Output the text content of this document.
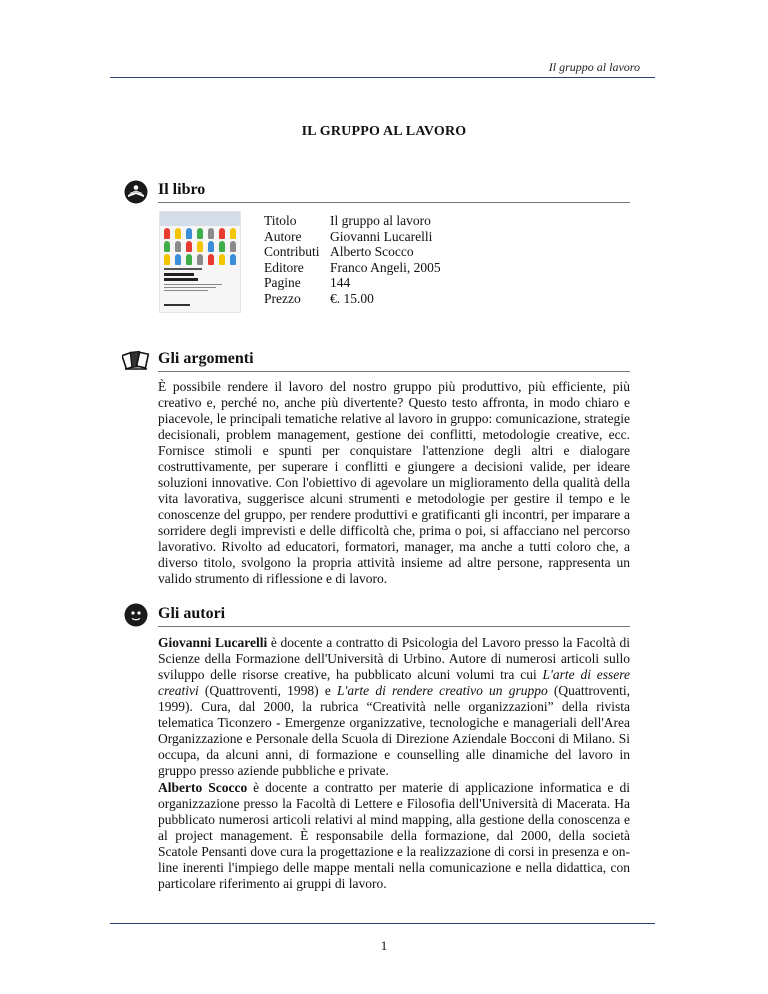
Il gruppo al lavoro
IL GRUPPO AL LAVORO
Il libro
Titolo	Il gruppo al lavoro
Autore	Giovanni Lucarelli
Contributi	Alberto Scocco
Editore	Franco Angeli, 2005
Pagine	144
Prezzo	€. 15.00
Gli argomenti

È possibile rendere il lavoro del nostro gruppo più produttivo, più efficiente, più creativo e, perché no, anche più divertente? Questo testo affronta, in modo chiaro e piacevole, le principali tematiche relative al lavoro in gruppo: comunicazione, strategie decisionali, problem management, gestione dei conflitti, metodologie creative, ecc. Fornisce stimoli e spunti per conquistare l'attenzione degli altri e dialogare costruttivamente, per superare i conflitti e giungere a decisioni valide, per ideare soluzioni innovative. Con l'obiettivo di agevolare un miglioramento della qualità della vita lavorativa, suggerisce alcuni strumenti e metodologie per gestire il tempo e le conoscenze del gruppo, per rendere produttivi e gratificanti gli incontri, per imparare a sorridere degli imprevisti e delle difficoltà che, prima o poi, si affacciano nel percorso lavorativo. Rivolto ad educatori, formatori, manager, ma anche a tutti coloro che, a diverso titolo, svolgono la propria attività insieme ad altre persone, rappresenta un valido strumento di riflessione e di lavoro.

Gli autori

Giovanni Lucarelli è docente a contratto di Psicologia del Lavoro presso la Facoltà di Scienze della Formazione dell'Università di Urbino. Autore di numerosi articoli sullo sviluppo delle risorse creative, ha pubblicato alcuni volumi tra cui L'arte di essere creativi (Quattroventi, 1998) e L'arte di rendere creativo un gruppo (Quattroventi, 1999). Cura, dal 2000, la rubrica “Creatività nelle organizzazioni” della rivista telematica Ticonzero - Emergenze organizzative, tecnologiche e manageriali dell'Area Organizzazione e Personale della Scuola di Direzione Aziendale Bocconi di Milano. Si occupa, da alcuni anni, di formazione e counselling alle dinamiche del lavoro in gruppo presso aziende pubbliche e private.

Alberto Scocco è docente a contratto per materie di applicazione informatica e di organizzazione presso la Facoltà di Lettere e Filosofia dell'Università di Macerata. Ha pubblicato numerosi articoli relativi al mind mapping, alla gestione della conoscenza e al project management. È responsabile della formazione, dal 2000, della società Scatole Pensanti dove cura la progettazione e la realizzazione di corsi in presenza e on-line inerenti l'impiego delle mappe mentali nella comunicazione e nella didattica, con particolare riferimento ai gruppi di lavoro.

1
